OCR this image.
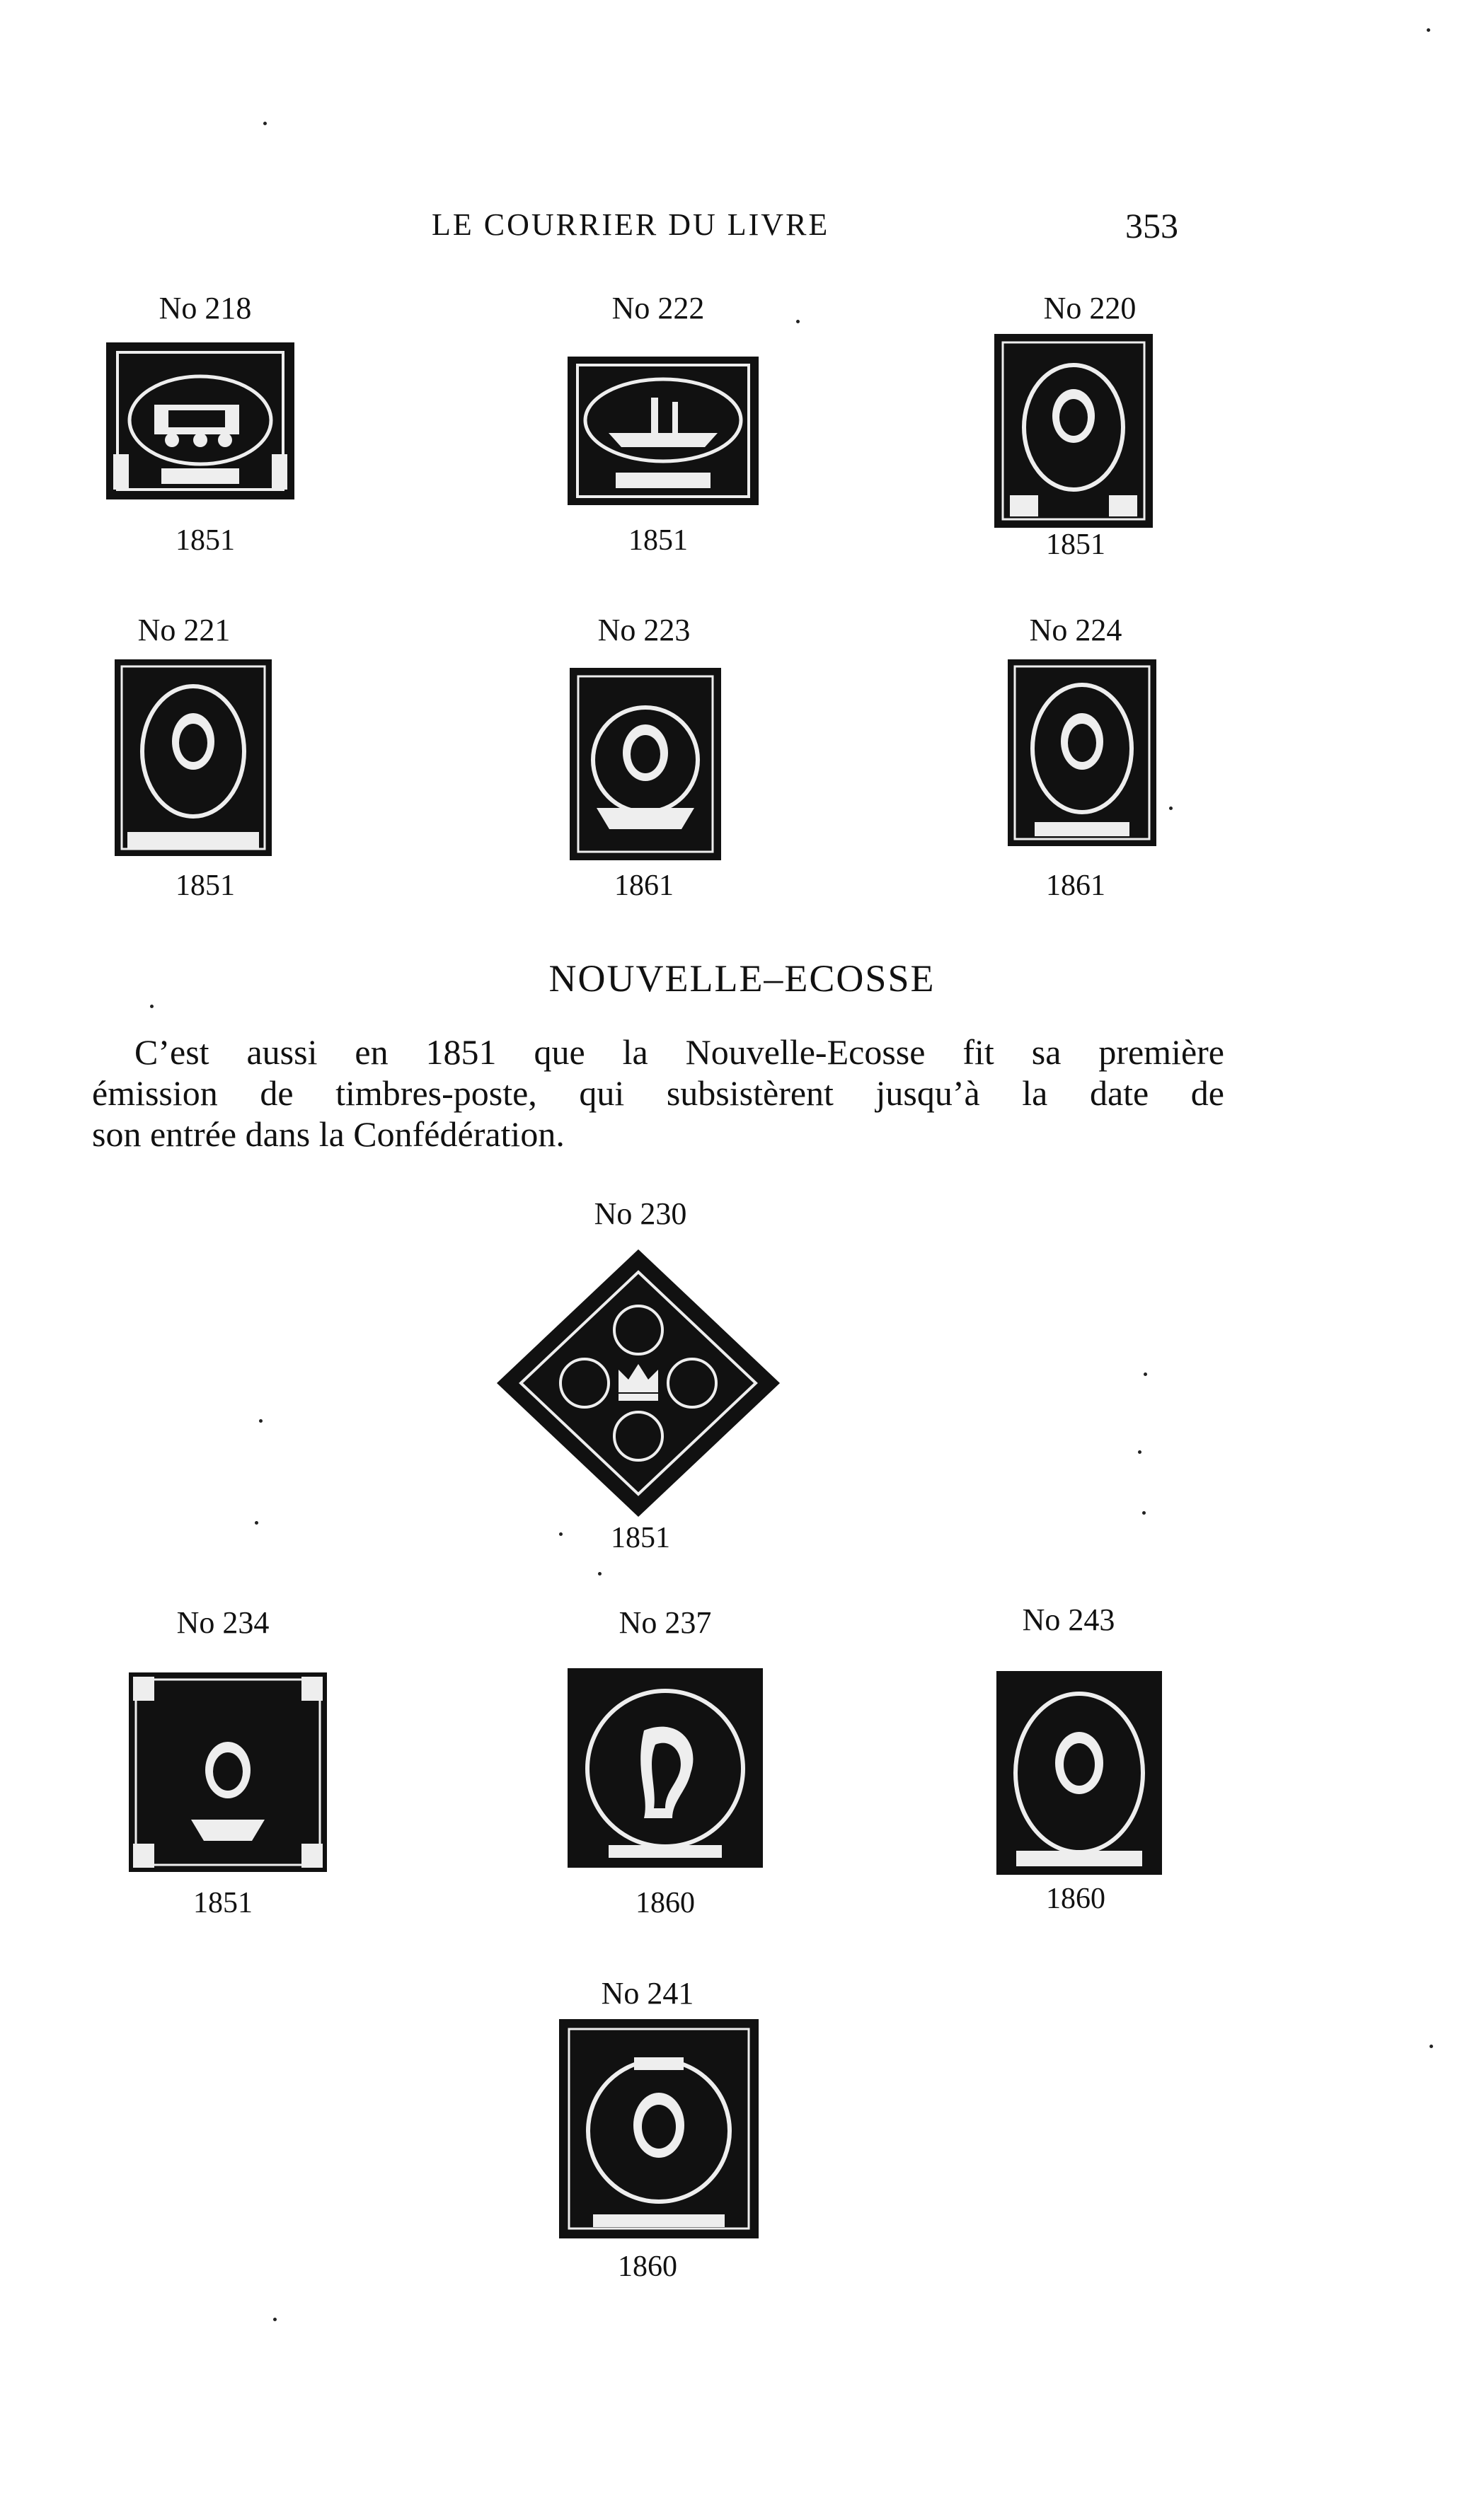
LE COURRIER DU LIVRE	353
No 218	No 222	No 220
1851	1851	1851
No 221	No 223	No 224
1851	1861	1861
NOUVELLE–ECOSSE

C’est aussi en 1851 que la Nouvelle-Ecosse fit sa première

émission de timbres-poste, qui subsistèrent jusqu’à la date de

son entrée dans la Confédération.

No 230
1851
No 234	No 237	No 243
1851	1860	1860
No 241
1860
